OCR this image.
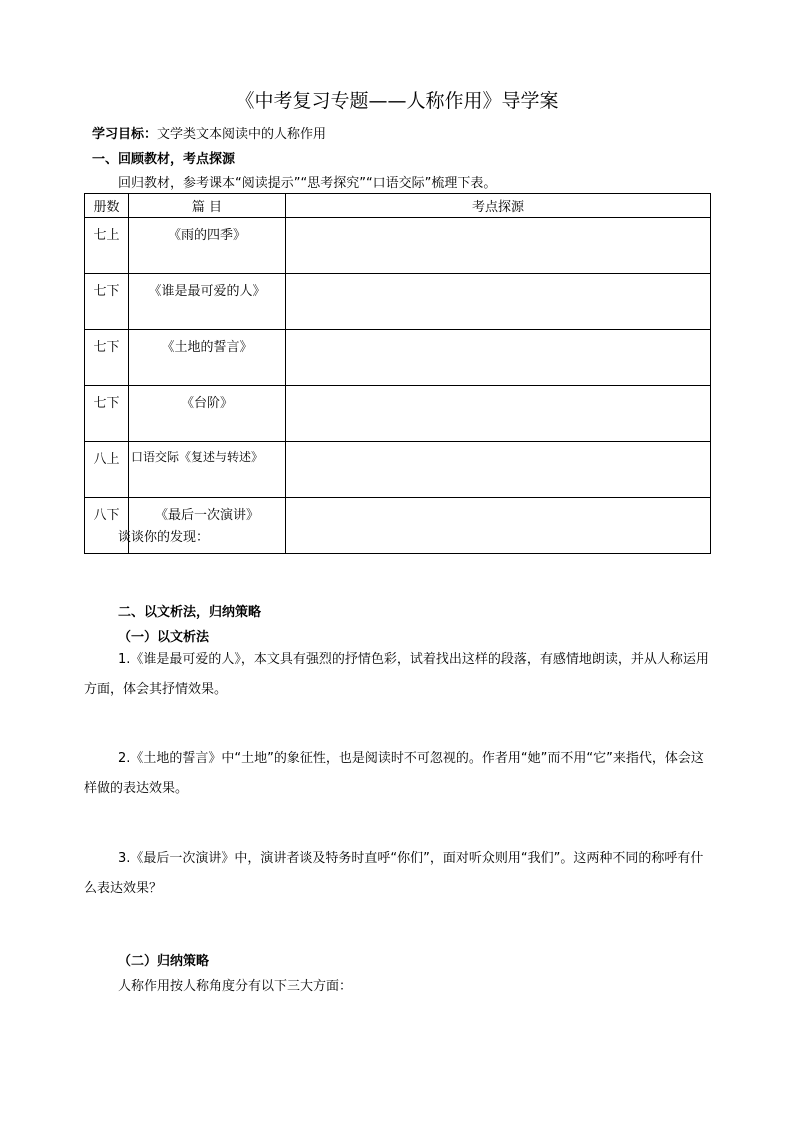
《中考复习专题——人称作用》导学案
学习目标：文学类文本阅读中的人称作用
一、回顾教材，考点探源
回归教材，参考课本“阅读提示”“思考探究”“口语交际”梳理下表。
册数	篇 目	考点探源
七上	《雨的四季》	
七下	《谁是最可爱的人》	
七下	《土地的誓言》	
七下	《台阶》	
八上	口语交际《复述与转述》	
八下	《最后一次演讲》	
谈谈你的发现：
二、以文析法，归纳策略
（一）以文析法
1.《谁是最可爱的人》，本文具有强烈的抒情色彩，试着找出这样的段落，有感情地朗读，并从人称运用方面，体会其抒情效果。
2.《土地的誓言》中“土地”的象征性，也是阅读时不可忽视的。作者用“她”而不用“它”来指代，体会这样做的表达效果。
3.《最后一次演讲》中，演讲者谈及特务时直呼“你们”，面对听众则用“我们”。这两种不同的称呼有什么表达效果？
（二）归纳策略
人称作用按人称角度分有以下三大方面：
